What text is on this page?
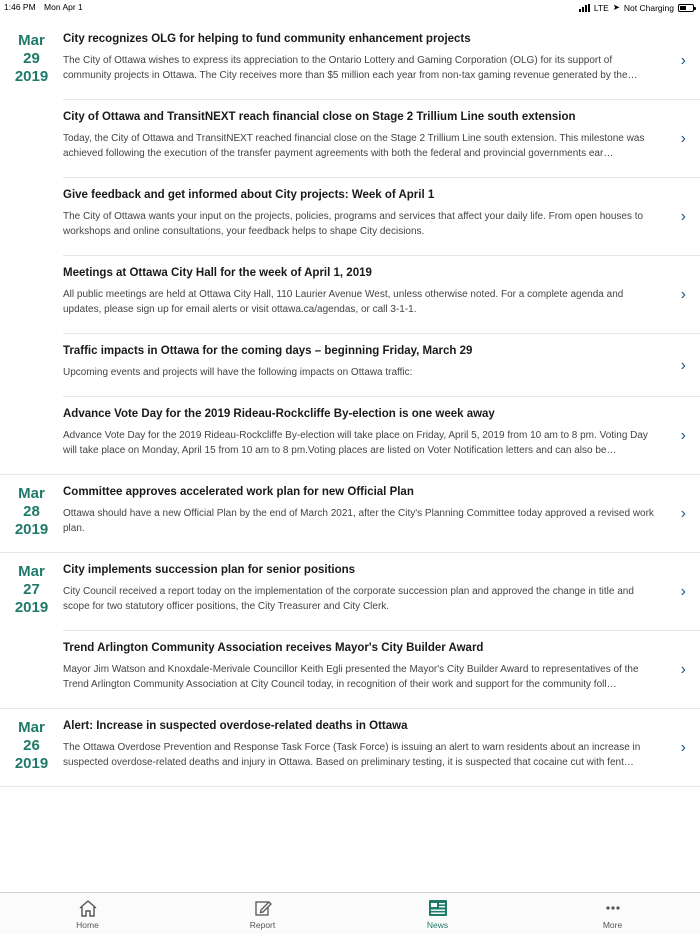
1:46 PM Mon Apr 1	LTE ➤ Not Charging
Mar
29
2019
City recognizes OLG for helping to fund community enhancement projects
The City of Ottawa wishes to express its appreciation to the Ontario Lottery and Gaming Corporation (OLG) for its support of community projects in Ottawa. The City receives more than $5 million each year from non-tax gaming revenue generated by the…
›
City of Ottawa and TransitNEXT reach financial close on Stage 2 Trillium Line south extension
Today, the City of Ottawa and TransitNEXT reached financial close on the Stage 2 Trillium Line south extension. This milestone was achieved following the execution of the transfer payment agreements with both the federal and provincial governments ear…
›
Give feedback and get informed about City projects: Week of April 1
The City of Ottawa wants your input on the projects, policies, programs and services that affect your daily life. From open houses to workshops and online consultations, your feedback helps to shape City decisions.
›
Meetings at Ottawa City Hall for the week of April 1, 2019
All public meetings are held at Ottawa City Hall, 110 Laurier Avenue West, unless otherwise noted. For a complete agenda and updates, please sign up for email alerts or visit ottawa.ca/agendas, or call 3-1-1.
›
Traffic impacts in Ottawa for the coming days – beginning Friday, March 29
Upcoming events and projects will have the following impacts on Ottawa traffic:	›
Advance Vote Day for the 2019 Rideau-Rockcliffe By-election is one week away
Advance Vote Day for the 2019 Rideau-Rockcliffe By-election will take place on Friday, April 5, 2019 from 10 am to 8 pm. Voting Day will take place on Monday, April 15 from 10 am to 8 pm.Voting places are listed on Voter Notification letters and can also be…
›
Mar
28
2019
Committee approves accelerated work plan for new Official Plan
Ottawa should have a new Official Plan by the end of March 2021, after the City's Planning Committee today approved a revised work plan.
›
Mar
27
2019
City implements succession plan for senior positions
City Council received a report today on the implementation of the corporate succession plan and approved the change in title and scope for two statutory officer positions, the City Treasurer and City Clerk.
›
Trend Arlington Community Association receives Mayor's City Builder Award
Mayor Jim Watson and Knoxdale-Merivale Councillor Keith Egli presented the Mayor's City Builder Award to representatives of the Trend Arlington Community Association at City Council today, in recognition of their work and support for the community foll…
›
Mar
26
2019
Alert: Increase in suspected overdose-related deaths in Ottawa
The Ottawa Overdose Prevention and Response Task Force (Task Force) is issuing an alert to warn residents about an increase in suspected overdose-related deaths and injury in Ottawa. Based on preliminary testing, it is suspected that cocaine cut with fent…
›
Home	Report	News	More
